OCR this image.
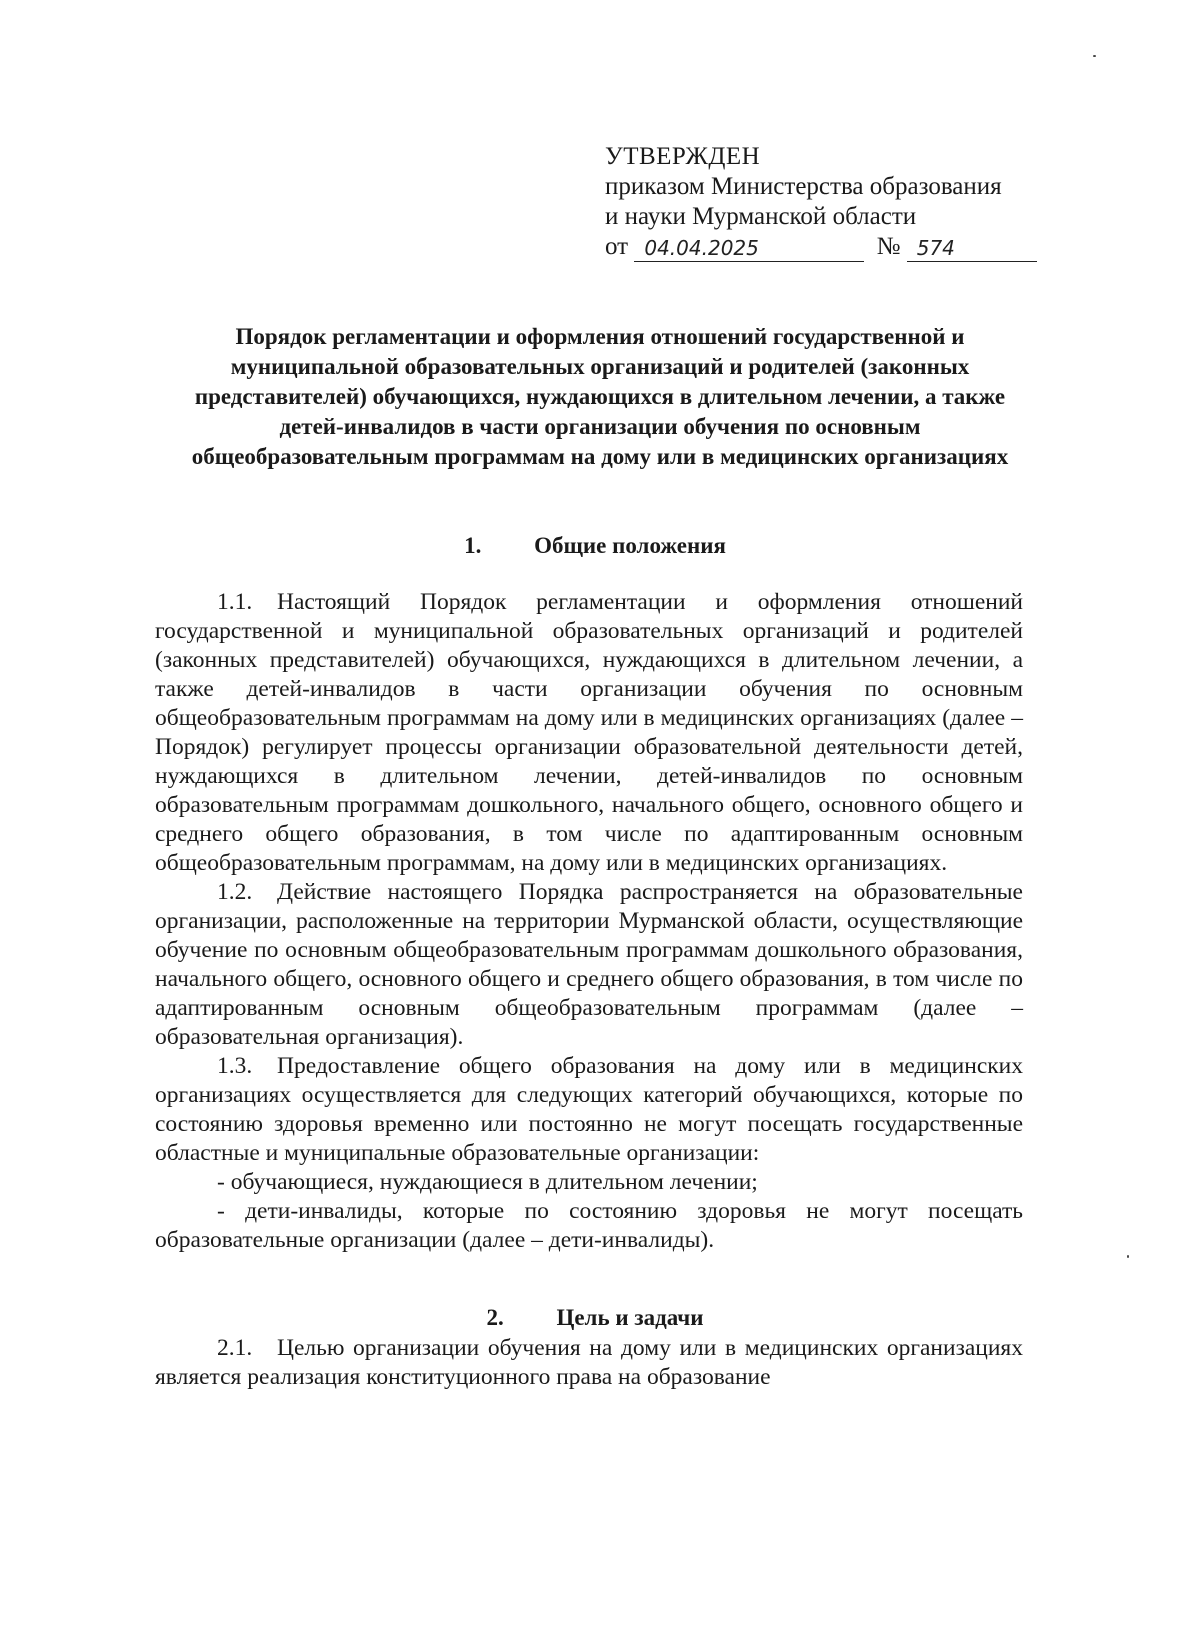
УТВЕРЖДЕН
приказом Министерства образования
и науки Мурманской области
от 04.04.2025	№ 574
Порядок регламентации и оформления отношений государственной и муниципальной образовательных организаций и родителей (законных представителей) обучающихся, нуждающихся в длительном лечении, а также детей-инвалидов в части организации обучения по основным общеобразовательным программам на дому или в медицинских организациях
1. Общие положения

1.1. Настоящий Порядок регламентации и оформления отношений государственной и муниципальной образовательных организаций и родителей (законных представителей) обучающихся, нуждающихся в длительном лечении, а также детей-инвалидов в части организации обучения по основным общеобразовательным программам на дому или в медицинских организациях (далее – Порядок) регулирует процессы организации образовательной деятельности детей, нуждающихся в длительном лечении, детей-инвалидов по основным образовательным программам дошкольного, начального общего, основного общего и среднего общего образования, в том числе по адаптированным основным общеобразовательным программам, на дому или в медицинских организациях.

1.2. Действие настоящего Порядка распространяется на образовательные организации, расположенные на территории Мурманской области, осуществляющие обучение по основным общеобразовательным программам дошкольного образования, начального общего, основного общего и среднего общего образования, в том числе по адаптированным основным общеобразовательным программам (далее – образовательная организация).

1.3. Предоставление общего образования на дому или в медицинских организациях осуществляется для следующих категорий обучающихся, которые по состоянию здоровья временно или постоянно не могут посещать государственные областные и муниципальные образовательные организации:

- обучающиеся, нуждающиеся в длительном лечении;

- дети-инвалиды, которые по состоянию здоровья не могут посещать образовательные организации (далее – дети-инвалиды).

2. Цель и задачи

2.1. Целью организации обучения на дому или в медицинских организациях является реализация конституционного права на образование
